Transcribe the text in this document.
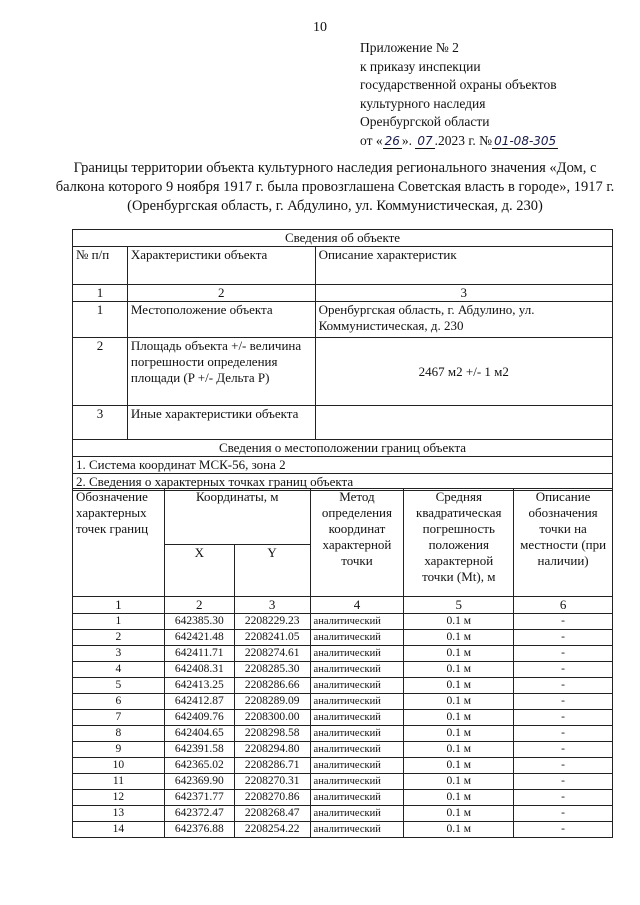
10
Приложение № 2
к приказу инспекции
государственной охраны объектов
культурного наследия
Оренбургской области
от « 26 ». 07 .2023 г. № 01-08-305
Границы территории объекта культурного наследия регионального значения «Дом, с балкона которого 9 ноября 1917 г. была провозглашена Советская власть в городе», 1917 г. (Оренбургская область, г. Абдулино, ул. Коммунистическая, д. 230)
Сведения об объекте		
№ п/п	Характеристики объекта	Описание характеристик
1	2	3
1	Местоположение объекта	Оренбургская область, г. Абдулино, ул. Коммунистическая, д. 230
2	Площадь объекта +/- величина погрешности определения площади (P +/- Дельта P)	2467 м2 +/- 1 м2
3	Иные характеристики объекта	
Сведения о местоположении границ объекта		
1. Система координат МСК-56, зона 2		
2. Сведения о характерных точках границ объекта		
Обозначение характерных точек границ	Координаты, м		Метод определения координат характерной точки	Средняя квадратическая погрешность положения характерной точки (Mt), м	Описание обозначения точки на местности (при наличии)
	X	Y			
1	2	3	4	5	6
1	642385.30	2208229.23	аналитический	0.1 м	-
2	642421.48	2208241.05	аналитический	0.1 м	-
3	642411.71	2208274.61	аналитический	0.1 м	-
4	642408.31	2208285.30	аналитический	0.1 м	-
5	642413.25	2208286.66	аналитический	0.1 м	-
6	642412.87	2208289.09	аналитический	0.1 м	-
7	642409.76	2208300.00	аналитический	0.1 м	-
8	642404.65	2208298.58	аналитический	0.1 м	-
9	642391.58	2208294.80	аналитический	0.1 м	-
10	642365.02	2208286.71	аналитический	0.1 м	-
11	642369.90	2208270.31	аналитический	0.1 м	-
12	642371.77	2208270.86	аналитический	0.1 м	-
13	642372.47	2208268.47	аналитический	0.1 м	-
14	642376.88	2208254.22	аналитический	0.1 м	-
